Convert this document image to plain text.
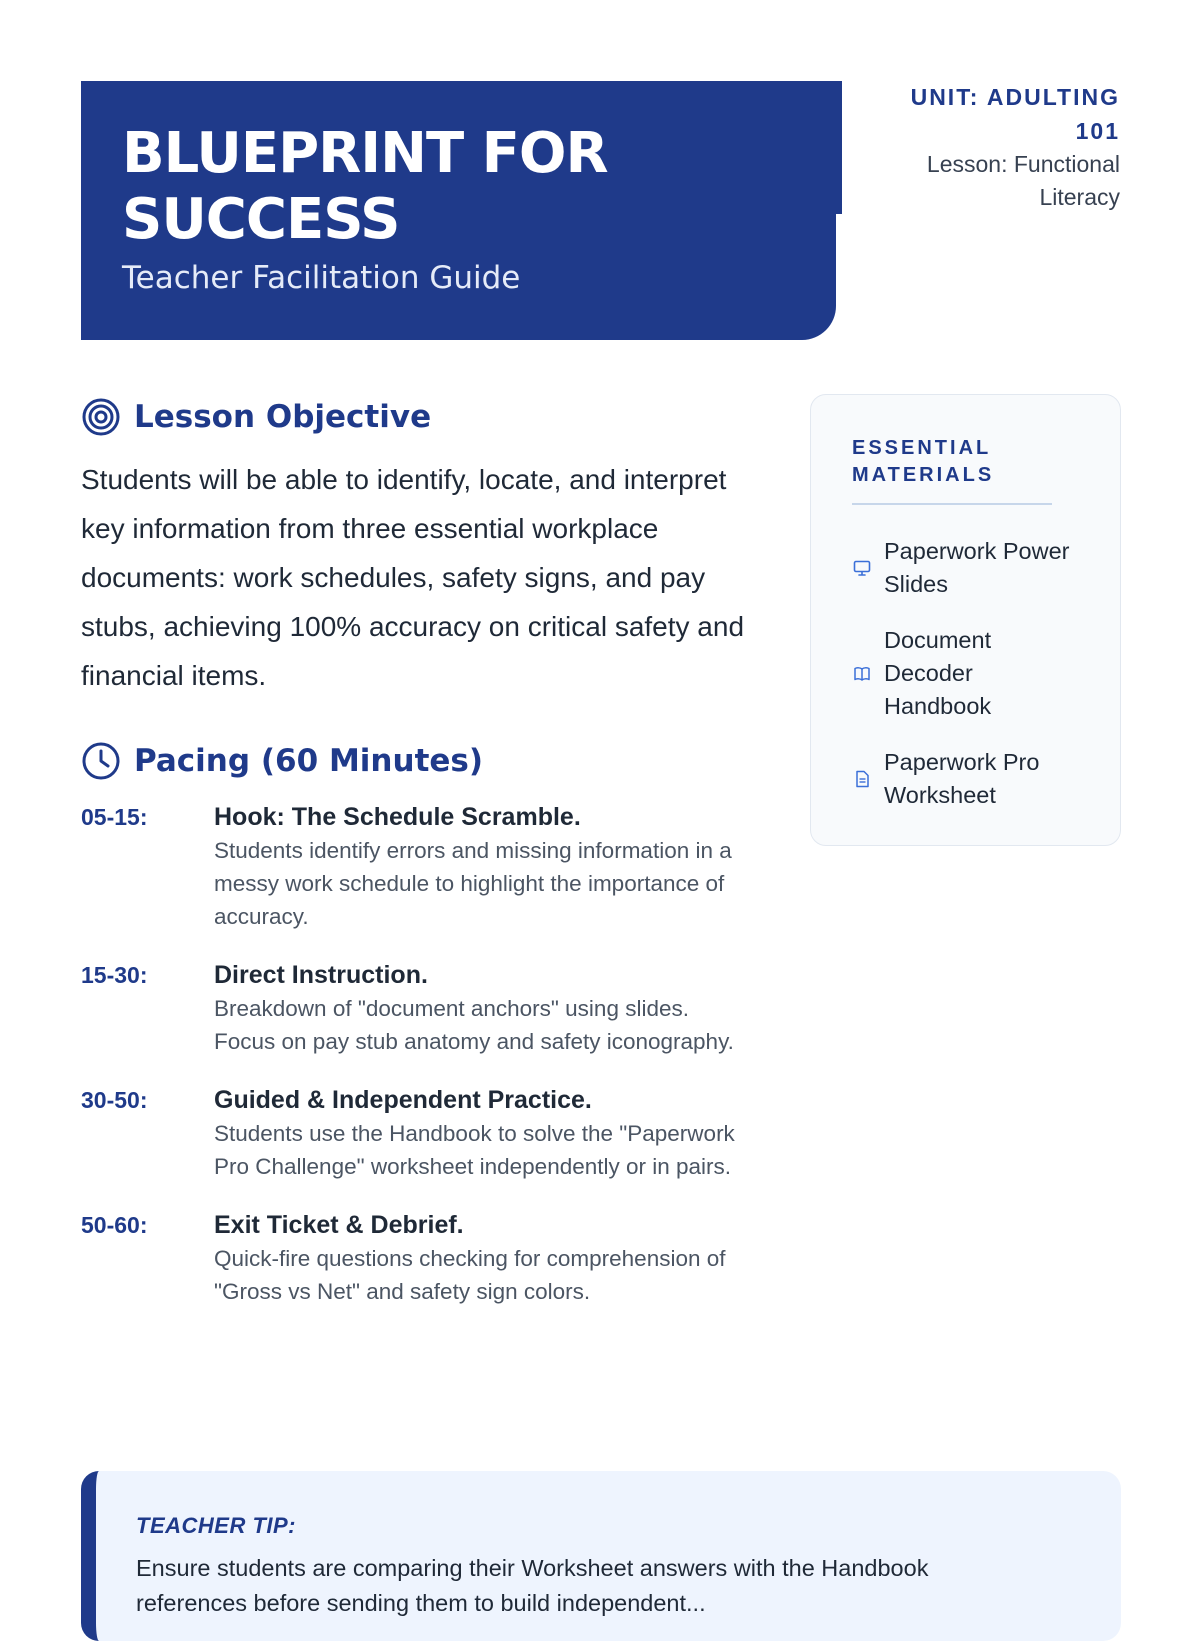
BLUEPRINT FOR SUCCESS
Teacher Facilitation Guide
UNIT: ADULTING 101
Lesson: Functional Literacy
Lesson Objective

Students will be able to identify, locate, and interpret key information from three essential workplace documents: work schedules, safety signs, and pay stubs, achieving 100% accuracy on critical safety and financial items.

Pacing (60 Minutes)
05-15:	Hook: The Schedule Scramble.
Students identify errors and missing information in a messy work schedule to highlight the importance of accuracy.
15-30:	Direct Instruction.
Breakdown of "document anchors" using slides. Focus on pay stub anatomy and safety iconography.
30-50:	Guided & Independent Practice.
Students use the Handbook to solve the "Paperwork Pro Challenge" worksheet independently or in pairs.
50-60:	Exit Ticket & Debrief.
Quick-fire questions checking for comprehension of "Gross vs Net" and safety sign colors.
ESSENTIAL MATERIALS
Paperwork Power Slides
Document Decoder Handbook
Paperwork Pro Worksheet
TEACHER TIP:

Ensure students are comparing their Worksheet answers with the Handbook references before sending them to build independent...
